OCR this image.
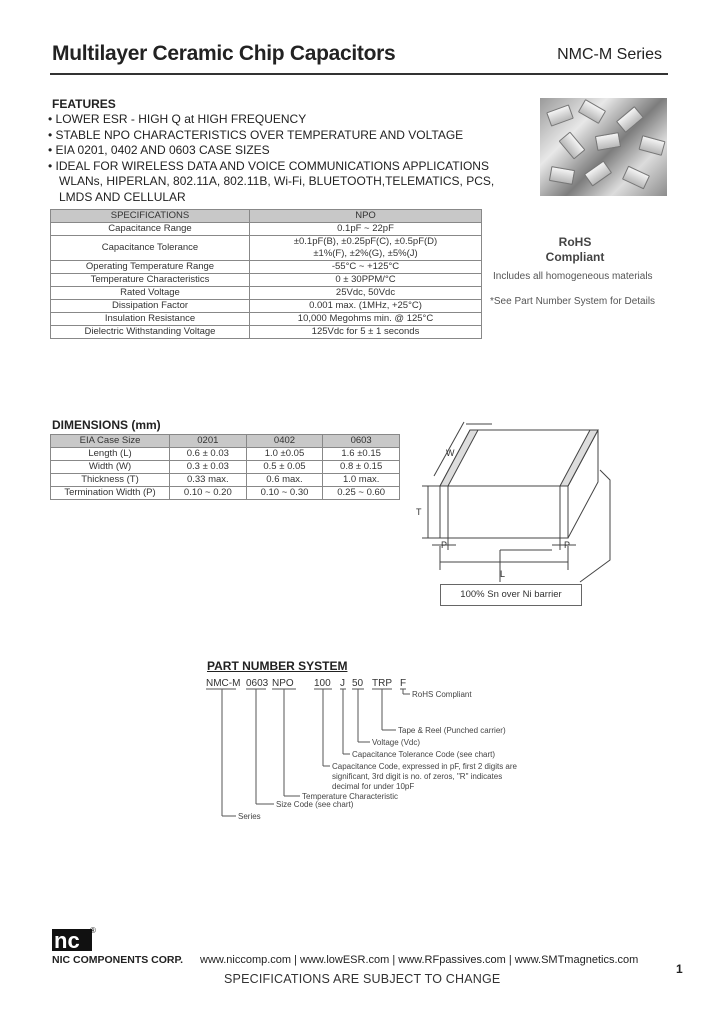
Multilayer Ceramic Chip Capacitors	NMC-M Series
FEATURES
• LOWER ESR - HIGH Q at HIGH FREQUENCY
• STABLE NPO CHARACTERISTICS OVER TEMPERATURE AND VOLTAGE
• EIA 0201, 0402 AND 0603 CASE SIZES
• IDEAL FOR WIRELESS DATA AND VOICE COMMUNICATIONS APPLICATIONS
WLANs, HIPERLAN, 802.11A, 802.11B, Wi-Fi, BLUETOOTH,TELEMATICS, PCS,
LMDS AND CELLULAR
SPECIFICATIONS	NPO
Capacitance Range	0.1pF ~ 22pF
Capacitance Tolerance	±0.1pF(B), ±0.25pF(C), ±0.5pF(D)
±1%(F), ±2%(G), ±5%(J)

Operating Temperature Range	-55°C ~ +125°C
Temperature Characteristics	0 ± 30PPM/°C
Rated Voltage	25Vdc, 50Vdc
Dissipation Factor	0.001 max. (1MHz, +25°C)
Insulation Resistance	10,000 Megohms min. @ 125°C
Dielectric Withstanding Voltage	125Vdc for 5 ± 1 seconds
RoHS
Compliant
Includes all homogeneous materials
*See Part Number System for Details
DIMENSIONS (mm)
EIA Case Size	0201	0402	0603
Length (L)	0.6 ± 0.03	1.0 ±0.05	1.6 ±0.15
Width (W)	0.3 ± 0.03	0.5 ± 0.05	0.8 ± 0.15
Thickness (T)	0.33 max.	0.6 max.	1.0 max.
Termination Width (P)	0.10 ~ 0.20	0.10 ~ 0.30	0.25 ~ 0.60
W
T
P	P
L
100% Sn over Ni barrier
PART NUMBER SYSTEM
NMC-M 0603 NPO 100 J 50 TRP F
RoHS Compliant
Tape & Reel (Punched carrier)
Voltage (Vdc)
Capacitance Tolerance Code (see chart)
Capacitance Code, expressed in pF, first 2 digits are
significant, 3rd digit is no. of zeros, "R" indicates
decimal for under 10pF
Temperature Characteristic
Size Code (see chart)
Series
nc ®
NIC COMPONENTS CORP. www.niccomp.com | www.lowESR.com | www.RFpassives.com | www.SMTmagnetics.com
1
SPECIFICATIONS ARE SUBJECT TO CHANGE
